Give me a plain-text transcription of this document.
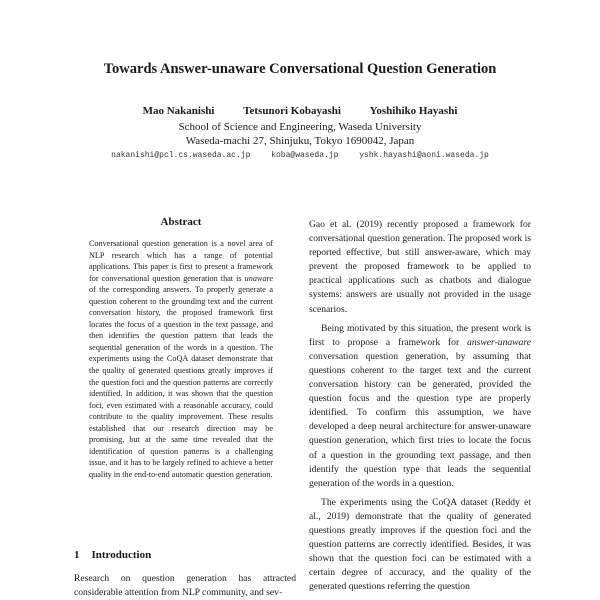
Towards Answer-unaware Conversational Question Generation
Mao Nakanishi	Tetsunori Kobayashi	Yoshihiko Hayashi
School of Science and Engineering, Waseda University
Waseda-machi 27, Shinjuku, Tokyo 1690042, Japan
nakanishi@pcl.cs.waseda.ac.jp	koba@waseda.jp	yshk.hayashi@aoni.waseda.jp
Abstract

Conversational question generation is a novel area of NLP research which has a range of potential applications. This paper is first to present a framework for conversational question generation that is unaware of the corresponding answers. To properly generate a question coherent to the grounding text and the current conversation history, the proposed framework first locates the focus of a question in the text passage, and then identifies the question pattern that leads the sequential generation of the words in a question. The experiments using the CoQA dataset demonstrate that the quality of generated questions greatly improves if the question foci and the question patterns are correctly identified. In addition, it was shown that the question foci, even estimated with a reasonable accuracy, could contribute to the quality improvement. These results established that our research direction may be promising, but at the same time revealed that the identification of question patterns is a challenging issue, and it has to be largely refined to achieve a better quality in the end-to-end automatic question generation.

1 Introduction

Research on question generation has attracted considerable attention from NLP community, and sev-

Gao et al. (2019) recently proposed a framework for conversational question generation. The proposed work is reported effective, but still answer-aware, which may prevent the proposed framework to be applied to practical applications such as chatbots and dialogue systems: answers are usually not provided in the usage scenarios.

Being motivated by this situation, the present work is first to propose a framework for answer-unaware conversation question generation, by assuming that questions coherent to the target text and the current conversation history can be generated, provided the question focus and the question type are properly identified. To confirm this assumption, we have developed a deep neural architecture for answer-unaware question generation, which first tries to locate the focus of a question in the grounding text passage, and then identify the question type that leads the sequential generation of the words in a question.

The experiments using the CoQA dataset (Reddy et al., 2019) demonstrate that the quality of generated questions greatly improves if the question foci and the question patterns are correctly identified. Besides, it was shown that the question foci can be estimated with a certain degree of accuracy, and the quality of the generated questions referring the question
